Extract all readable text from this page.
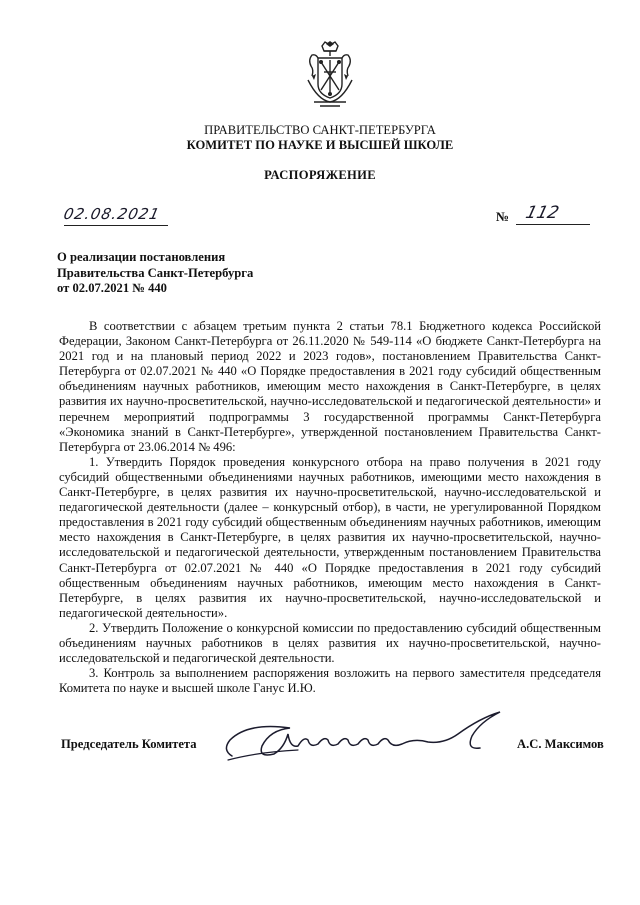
ПРАВИТЕЛЬСТВО САНКТ-ПЕТЕРБУРГА
КОМИТЕТ ПО НАУКЕ И ВЫСШЕЙ ШКОЛЕ
РАСПОРЯЖЕНИЕ
02.08.2021	№ 112
О реализации постановления
Правительства Санкт-Петербурга
от 02.07.2021 № 440

В соответствии с абзацем третьим пункта 2 статьи 78.1 Бюджетного кодекса Российской Федерации, Законом Санкт-Петербурга от 26.11.2020 № 549-114 «О бюджете Санкт-Петербурга на 2021 год и на плановый период 2022 и 2023 годов», постановлением Правительства Санкт-Петербурга от 02.07.2021 № 440 «О Порядке предоставления в 2021 году субсидий общественным объединениям научных работников, имеющим место нахождения в Санкт-Петербурге, в целях развития их научно-просветительской, научно-исследовательской и педагогической деятельности» и перечнем мероприятий подпрограммы 3 государственной программы Санкт-Петербурга «Экономика знаний в Санкт-Петербурге», утвержденной постановлением Правительства Санкт-Петербурга от 23.06.2014 № 496:

1. Утвердить Порядок проведения конкурсного отбора на право получения в 2021 году субсидий общественными объединениями научных работников, имеющими место нахождения в Санкт-Петербурге, в целях развития их научно-просветительской, научно-исследовательской и педагогической деятельности (далее – конкурсный отбор), в части, не урегулированной Порядком предоставления в 2021 году субсидий общественным объединениям научных работников, имеющим место нахождения в Санкт-Петербурге, в целях развития их научно-просветительской, научно-исследовательской и педагогической деятельности, утвержденным постановлением Правительства Санкт-Петербурга от 02.07.2021 № 440 «О Порядке предоставления в 2021 году субсидий общественным объединениям научных работников, имеющим место нахождения в Санкт-Петербурге, в целях развития их научно-просветительской, научно-исследовательской и педагогической деятельности».

2. Утвердить Положение о конкурсной комиссии по предоставлению субсидий общественным объединениям научных работников в целях развития их научно-просветительской, научно-исследовательской и педагогической деятельности.

3. Контроль за выполнением распоряжения возложить на первого заместителя председателя Комитета по науке и высшей школе Ганус И.Ю.

Председатель Комитета	А.С. Максимов
